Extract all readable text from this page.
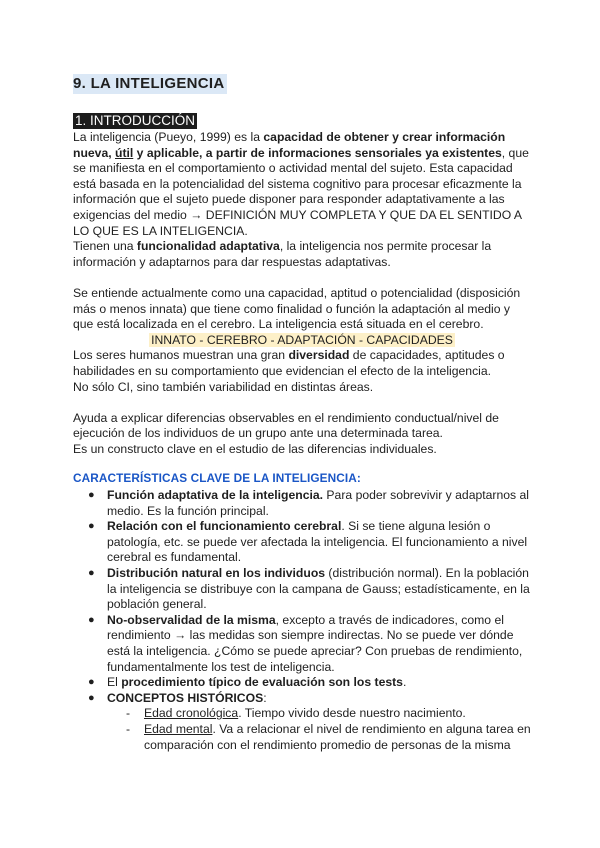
9. LA INTELIGENCIA
1. INTRODUCCIÓN

La inteligencia (Pueyo, 1999) es la capacidad de obtener y crear información nueva, útil y aplicable, a partir de informaciones sensoriales ya existentes, que se manifiesta en el comportamiento o actividad mental del sujeto. Esta capacidad está basada en la potencialidad del sistema cognitivo para procesar eficazmente la información que el sujeto puede disponer para responder adaptativamente a las exigencias del medio → DEFINICIÓN MUY COMPLETA Y QUE DA EL SENTIDO A LO QUE ES LA INTELIGENCIA.

Tienen una funcionalidad adaptativa, la inteligencia nos permite procesar la información y adaptarnos para dar respuestas adaptativas.

Se entiende actualmente como una capacidad, aptitud o potencialidad (disposición más o menos innata) que tiene como finalidad o función la adaptación al medio y que está localizada en el cerebro. La inteligencia está situada en el cerebro.

INNATO - CEREBRO - ADAPTACIÓN - CAPACIDADES

Los seres humanos muestran una gran diversidad de capacidades, aptitudes o habilidades en su comportamiento que evidencian el efecto de la inteligencia.

No sólo CI, sino también variabilidad en distintas áreas.

Ayuda a explicar diferencias observables en el rendimiento conductual/nivel de ejecución de los individuos de un grupo ante una determinada tarea.

Es un constructo clave en el estudio de las diferencias individuales.

CARACTERÍSTICAS CLAVE DE LA INTELIGENCIA:
● Función adaptativa de la inteligencia. Para poder sobrevivir y adaptarnos al medio. Es la función principal.
● Relación con el funcionamiento cerebral. Si se tiene alguna lesión o patología, etc. se puede ver afectada la inteligencia. El funcionamiento a nivel cerebral es fundamental.
● Distribución natural en los individuos (distribución normal). En la población la inteligencia se distribuye con la campana de Gauss; estadísticamente, en la población general.
● No-observalidad de la misma, excepto a través de indicadores, como el rendimiento → las medidas son siempre indirectas. No se puede ver dónde está la inteligencia. ¿Cómo se puede apreciar? Con pruebas de rendimiento, fundamentalmente los test de inteligencia.
● El procedimiento típico de evaluación son los tests.
● CONCEPTOS HISTÓRICOS:
- Edad cronológica. Tiempo vivido desde nuestro nacimiento.
- Edad mental. Va a relacionar el nivel de rendimiento en alguna tarea en comparación con el rendimiento promedio de personas de la misma
